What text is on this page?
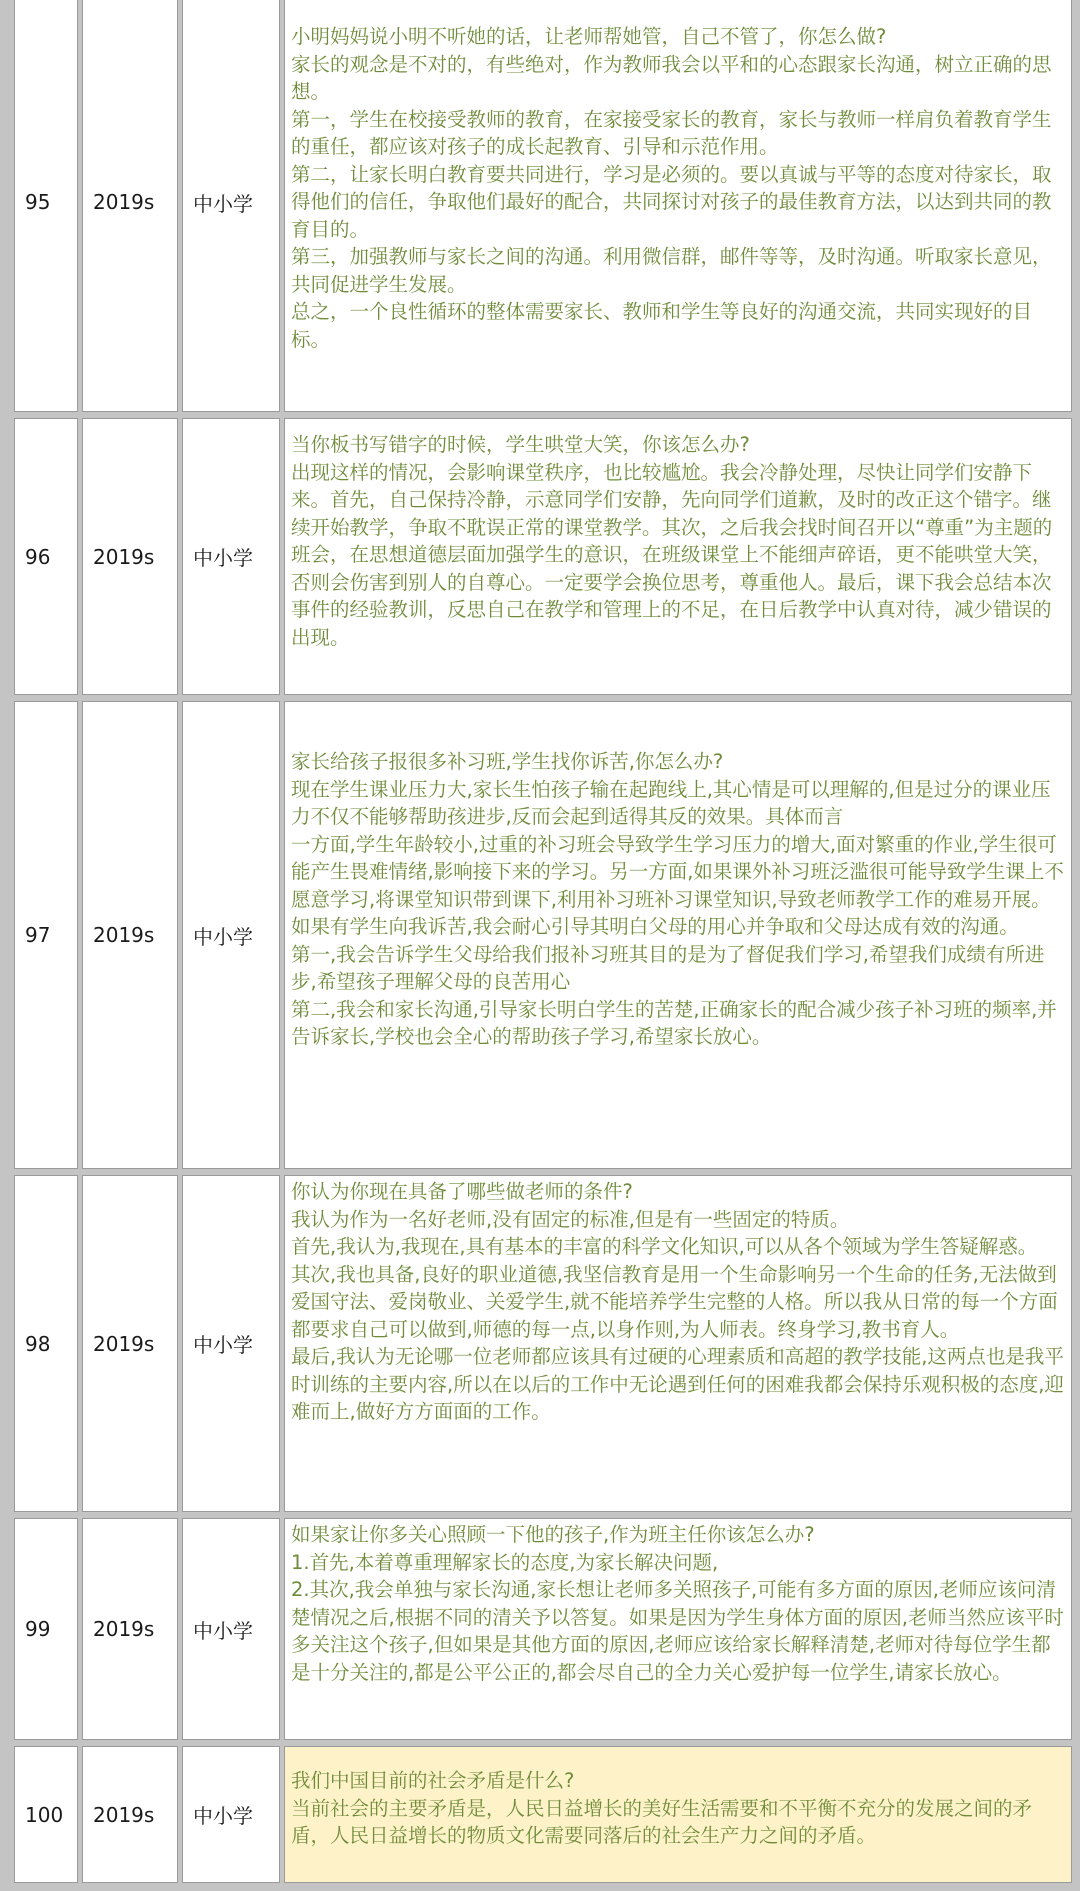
95	2019s	中小学

小明妈妈说小明不听她的话，让老师帮她管，自己不管了，你怎么做?

家长的观念是不对的，有些绝对，作为教师我会以平和的心态跟家长沟通，树立正确的思想。

第一，学生在校接受教师的教育，在家接受家长的教育，家长与教师一样肩负着教育学生的重任，都应该对孩子的成长起教育、引导和示范作用。

第二，让家长明白教育要共同进行，学习是必须的。要以真诚与平等的态度对待家长，取得他们的信任，争取他们最好的配合，共同探讨对孩子的最佳教育方法，以达到共同的教育目的。

第三，加强教师与家长之间的沟通。利用微信群，邮件等等，及时沟通。听取家长意见，共同促进学生发展。

总之，一个良性循环的整体需要家长、教师和学生等良好的沟通交流，共同实现好的目标。

96	2019s	中小学

当你板书写错字的时候，学生哄堂大笑，你该怎么办?

出现这样的情况，会影响课堂秩序，也比较尴尬。我会冷静处理，尽快让同学们安静下来。首先，自己保持冷静，示意同学们安静，先向同学们道歉，及时的改正这个错字。继续开始教学，争取不耽误正常的课堂教学。其次，之后我会找时间召开以“尊重”为主题的班会，在思想道德层面加强学生的意识，在班级课堂上不能细声碎语，更不能哄堂大笑，否则会伤害到别人的自尊心。一定要学会换位思考，尊重他人。最后，课下我会总结本次事件的经验教训，反思自己在教学和管理上的不足，在日后教学中认真对待，减少错误的出现。

97	2019s	中小学

家长给孩子报很多补习班,学生找你诉苦,你怎么办?

现在学生课业压力大,家长生怕孩子输在起跑线上,其心情是可以理解的,但是过分的课业压力不仅不能够帮助孩进步,反而会起到适得其反的效果。具体而言

一方面,学生年龄较小,过重的补习班会导致学生学习压力的增大,面对繁重的作业,学生很可能产生畏难情绪,影响接下来的学习。另一方面,如果课外补习班泛滥很可能导致学生课上不愿意学习,将课堂知识带到课下,利用补习班补习课堂知识,导致老师教学工作的难易开展。

如果有学生向我诉苦,我会耐心引导其明白父母的用心并争取和父母达成有效的沟通。

第一,我会告诉学生父母给我们报补习班其目的是为了督促我们学习,希望我们成绩有所进步,希望孩子理解父母的良苦用心

第二,我会和家长沟通,引导家长明白学生的苦楚,正确家长的配合减少孩子补习班的频率,并告诉家长,学校也会全心的帮助孩子学习,希望家长放心。

98	2019s	中小学

你认为你现在具备了哪些做老师的条件?

我认为作为一名好老师,没有固定的标准,但是有一些固定的特质。

首先,我认为,我现在,具有基本的丰富的科学文化知识,可以从各个领域为学生答疑解惑。

其次,我也具备,良好的职业道德,我坚信教育是用一个生命影响另一个生命的任务,无法做到爱国守法、爱岗敬业、关爱学生,就不能培养学生完整的人格。所以我从日常的每一个方面都要求自己可以做到,师德的每一点,以身作则,为人师表。终身学习,教书育人。

最后,我认为无论哪一位老师都应该具有过硬的心理素质和高超的教学技能,这两点也是我平时训练的主要内容,所以在以后的工作中无论遇到任何的困难我都会保持乐观积极的态度,迎难而上,做好方方面面的工作。

99	2019s	中小学

如果家让你多关心照顾一下他的孩子,作为班主任你该怎么办?

1.首先,本着尊重理解家长的态度,为家长解决问题,

2.其次,我会单独与家长沟通,家长想让老师多关照孩子,可能有多方面的原因,老师应该问清楚情况之后,根据不同的清关予以答复。如果是因为学生身体方面的原因,老师当然应该平时多关注这个孩子,但如果是其他方面的原因,老师应该给家长解释清楚,老师对待每位学生都是十分关注的,都是公平公正的,都会尽自己的全力关心爱护每一位学生,请家长放心。

100	2019s	中小学

我们中国目前的社会矛盾是什么?

当前社会的主要矛盾是，人民日益增长的美好生活需要和不平衡不充分的发展之间的矛盾，人民日益增长的物质文化需要同落后的社会生产力之间的矛盾。
